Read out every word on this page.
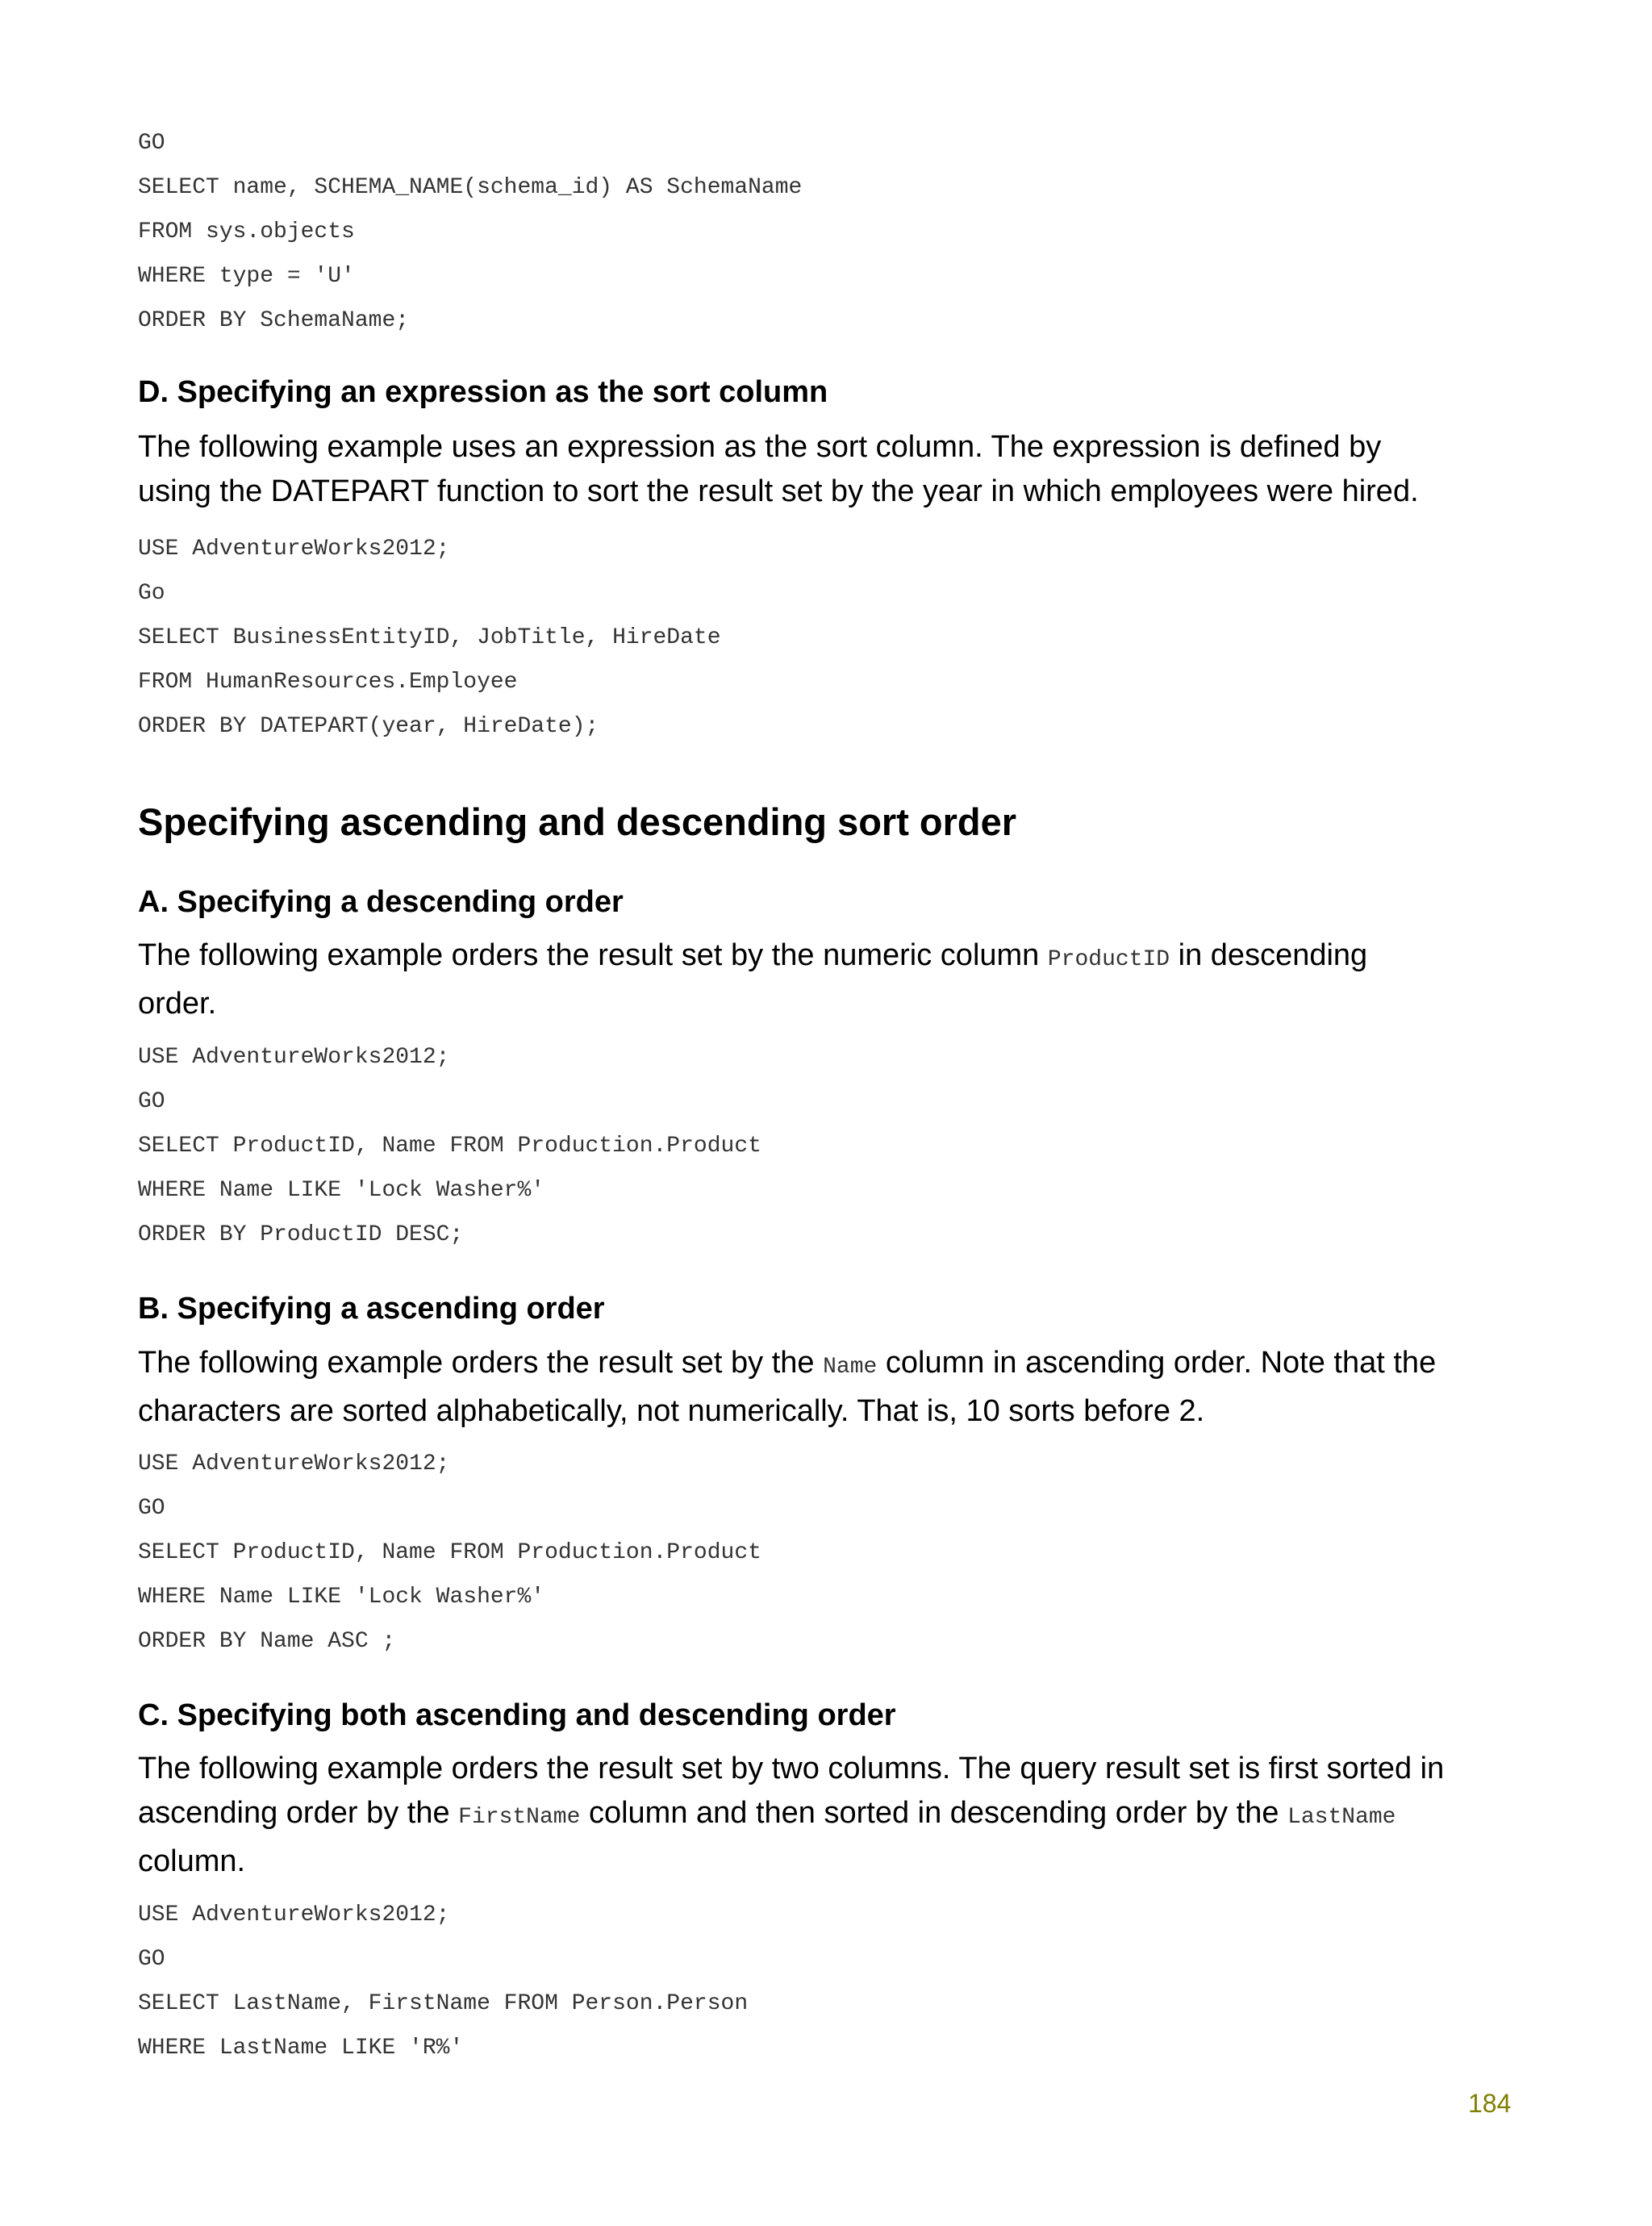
GO
SELECT name, SCHEMA_NAME(schema_id) AS SchemaName
FROM sys.objects
WHERE type = 'U'
ORDER BY SchemaName;
D. Specifying an expression as the sort column
The following example uses an expression as the sort column. The expression is defined by
using the DATEPART function to sort the result set by the year in which employees were hired.
USE AdventureWorks2012;
Go
SELECT BusinessEntityID, JobTitle, HireDate
FROM HumanResources.Employee
ORDER BY DATEPART(year, HireDate);
Specifying ascending and descending sort order
A. Specifying a descending order
The following example orders the result set by the numeric column ProductID in descending
order.
USE AdventureWorks2012;
GO
SELECT ProductID, Name FROM Production.Product
WHERE Name LIKE 'Lock Washer%'
ORDER BY ProductID DESC;
B. Specifying a ascending order
The following example orders the result set by the Name column in ascending order. Note that the
characters are sorted alphabetically, not numerically. That is, 10 sorts before 2.
USE AdventureWorks2012;
GO
SELECT ProductID, Name FROM Production.Product
WHERE Name LIKE 'Lock Washer%'
ORDER BY Name ASC ;
C. Specifying both ascending and descending order
The following example orders the result set by two columns. The query result set is first sorted in
ascending order by the FirstName column and then sorted in descending order by the LastName
column.
USE AdventureWorks2012;
GO
SELECT LastName, FirstName FROM Person.Person
WHERE LastName LIKE 'R%'
184
